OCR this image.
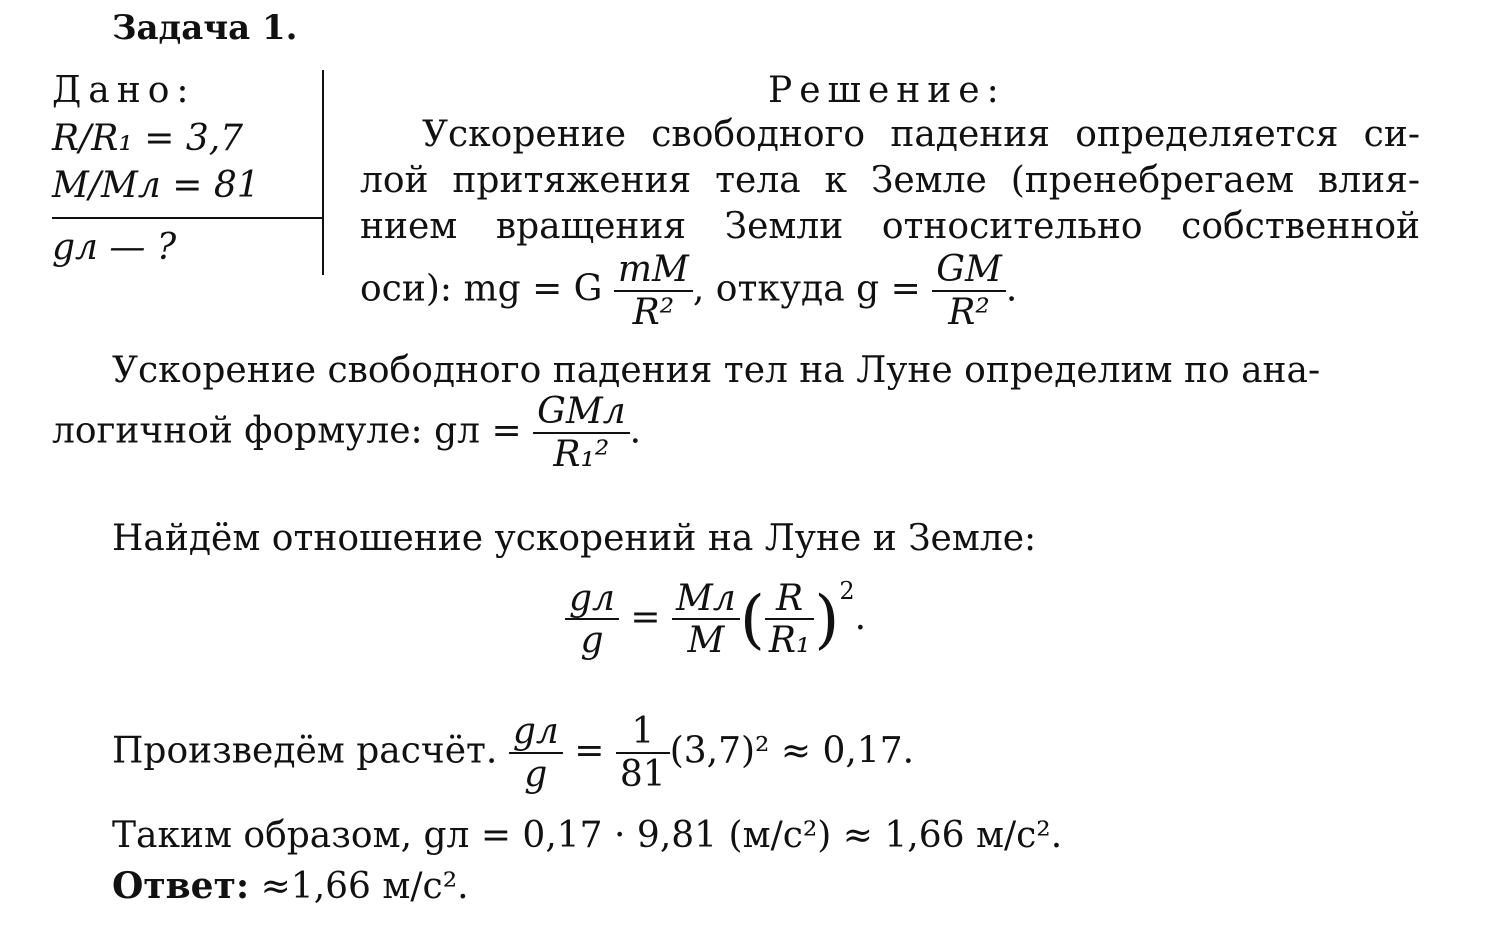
Задача 1.
Дано:
R/R₁ = 3,7
M/Mл = 81
gл — ?
Решение:
Ускорение свободного падения определяется си-
лой притяжения тела к Земле (пренебрегаем влия-
нием вращения Земли относительно собственной
оси): mg = G $\frac{mM}{\text{R²}}$ , откуда $g = \frac{GM}{\text{R²}}$ .
Ускорение свободного падения тел на Луне определим по ана-
логичной формуле: gл = $\frac{\text{GMл}}{\text{R₁²}}$ .
Найдём отношение ускорений на Луне и Земле:
$\frac{gл}{g} = \frac{Mл}{M}$ ( $\frac{R}{\text{R₁}} )^2$.
Произведём расчёт. $\frac{gл}{g} = \frac{1}{81} (3,7)^2 \approx 0,17$.
Таким образом, gл = 0,17 · 9,81 (м/с²) ≈ 1,66 м/с².
Ответ: ≈1,66 м/с².
